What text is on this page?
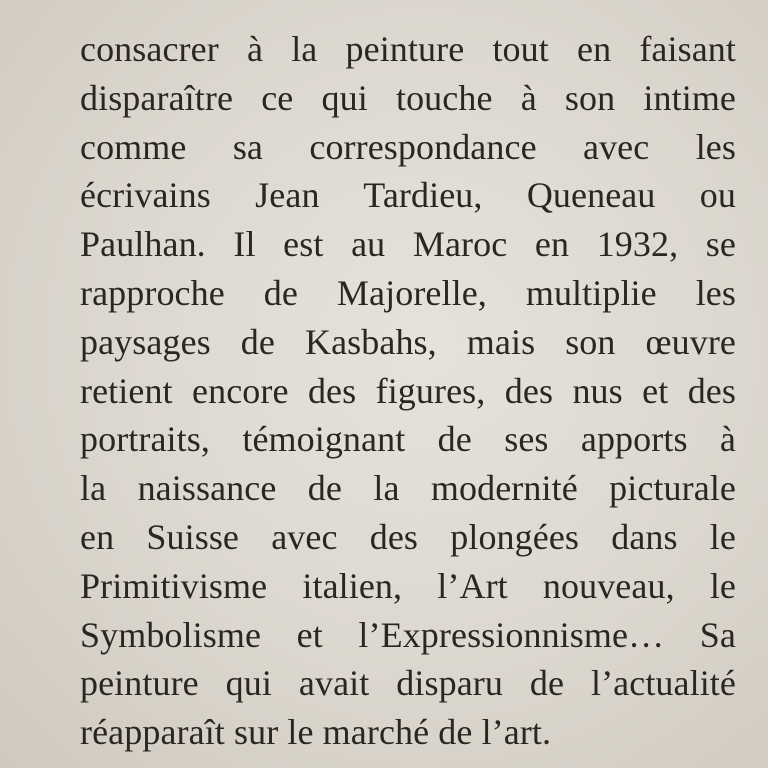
consacrer à la peinture tout en faisant
disparaître ce qui touche à son intime
comme sa correspondance avec les
écrivains Jean Tardieu, Queneau ou
Paulhan. Il est au Maroc en 1932, se
rapproche de Majorelle, multiplie les
paysages de Kasbahs, mais son œuvre
retient encore des figures, des nus et des
portraits, témoignant de ses apports à
la naissance de la modernité picturale
en Suisse avec des plongées dans le
Primitivisme italien, l’Art nouveau, le
Symbolisme et l’Expressionnisme… Sa
peinture qui avait disparu de l’actualité
réapparaît sur le marché de l’art.
